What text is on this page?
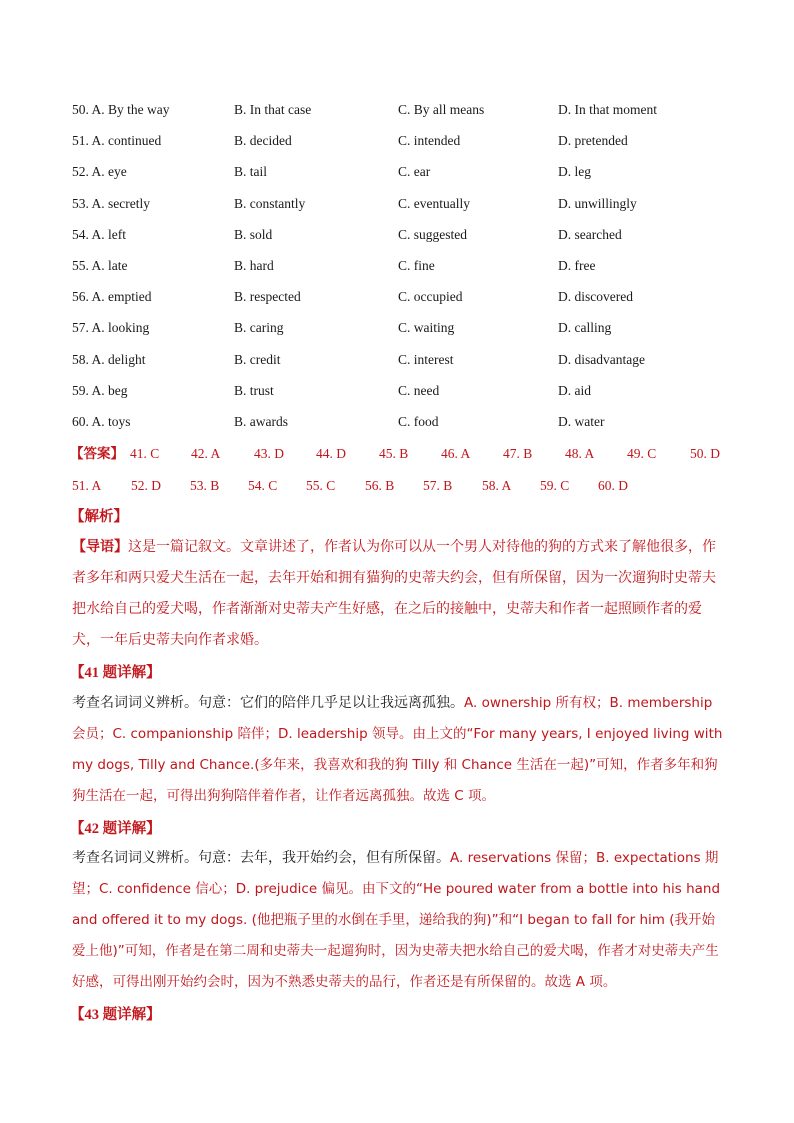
50. A. By the way	B. In that case	C. By all means	D. In that moment
51. A. continued	B. decided	C. intended	D. pretended
52. A. eye	B. tail	C. ear	D. leg
53. A. secretly	B. constantly	C. eventually	D. unwillingly
54. A. left	B. sold	C. suggested	D. searched
55. A. late	B. hard	C. fine	D. free
56. A. emptied	B. respected	C. occupied	D. discovered
57. A. looking	B. caring	C. waiting	D. calling
58. A. delight	B. credit	C. interest	D. disadvantage
59. A. beg	B. trust	C. need	D. aid
60. A. toys	B. awards	C. food	D. water
【答案】 41. C 42. A 43. D 44. D 45. B 46. A 47. B 48. A 49. C 50. D
51. A 52. D 53. B 54. C 55. C 56. B 57. B 58. A 59. C 60. D
【解析】
【导语】这是一篇记叙文。文章讲述了，作者认为你可以从一个男人对待他的狗的方式来了解他很多，作者多年和两只爱犬生活在一起，去年开始和拥有猫狗的史蒂夫约会，但有所保留，因为一次遛狗时史蒂夫把水给自己的爱犬喝，作者渐渐对史蒂夫产生好感，在之后的接触中，史蒂夫和作者一起照顾作者的爱犬，一年后史蒂夫向作者求婚。
【41 题详解】
考查名词词义辨析。句意：它们的陪伴几乎足以让我远离孤独。A. ownership 所有权；B. membership 会员；C. companionship 陪伴；D. leadership 领导。由上文的“For many years, I enjoyed living with my dogs, Tilly and Chance.(多年来，我喜欢和我的狗 Tilly 和 Chance 生活在一起)”可知，作者多年和狗狗生活在一起，可得出狗狗陪伴着作者，让作者远离孤独。故选 C 项。
【42 题详解】
考查名词词义辨析。句意：去年，我开始约会，但有所保留。A. reservations 保留；B. expectations 期望；C. confidence 信心；D. prejudice 偏见。由下文的“He poured water from a bottle into his hand and offered it to my dogs. (他把瓶子里的水倒在手里，递给我的狗)”和“I began to fall for him (我开始爱上他)”可知，作者是在第二周和史蒂夫一起遛狗时，因为史蒂夫把水给自己的爱犬喝，作者才对史蒂夫产生好感，可得出刚开始约会时，因为不熟悉史蒂夫的品行，作者还是有所保留的。故选 A 项。
【43 题详解】
